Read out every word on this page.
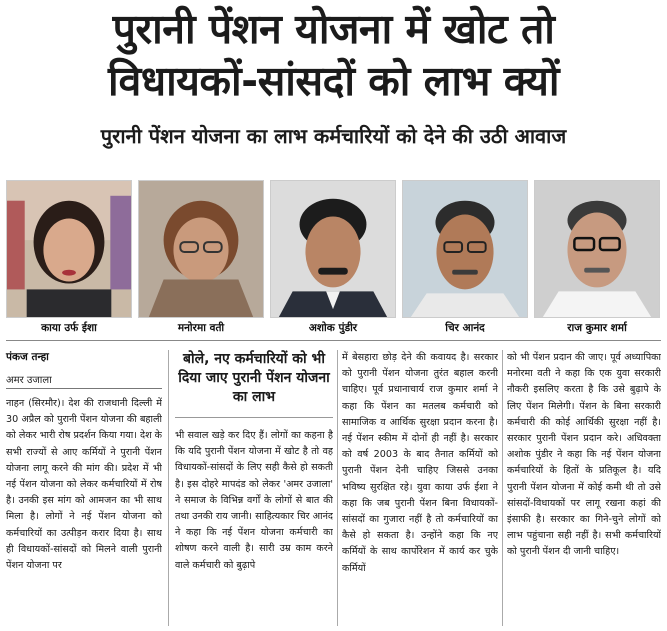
पुरानी पेंशन योजना में खोट तो
विधायकों-सांसदों को लाभ क्यों
पुरानी पेंशन योजना का लाभ कर्मचारियों को देने की उठी आवाज
काया उर्फ ईशा	मनोरमा वती	अशोक पुंडीर	चिर आनंद	राज कुमार शर्मा
पंकज तन्हा
अमर उजाला
बोले, नए कर्मचारियों को भी दिया जाए पुरानी पेंशन योजना का लाभ

नाहन (सिरमौर)। देश की राजधानी दिल्ली में 30 अप्रैल को पुरानी पेंशन योजना की बहाली को लेकर भारी रोष प्रदर्शन किया गया। देश के सभी राज्यों से आए कर्मियों ने पुरानी पेंशन योजना लागू करने की मांग की। प्रदेश में भी नई पेंशन योजना को लेकर कर्मचारियों में रोष है। उनकी इस मांग को आमजन का भी साथ मिला है। लोगों ने नई पेंशन योजना को कर्मचारियों का उत्पीड़न करार दिया है। साथ ही विधायकों-सांसदों को मिलने वाली पुरानी पेंशन योजना पर

भी सवाल खड़े कर दिए हैं। लोगों का कहना है कि यदि पुरानी पेंशन योजना में खोट है तो वह विधायकों-सांसदों के लिए सही कैसे हो सकती है। इस दोहरे मापदंड को लेकर 'अमर उजाला' ने समाज के विभिन्न वर्गों के लोगों से बात की तथा उनकी राय जानी। साहित्यकार चिर आनंद ने कहा कि नई पेंशन योजना कर्मचारी का शोषण करने वाली है। सारी उम्र काम करने वाले कर्मचारी को बुढ़ापे

में बेसहारा छोड़ देने की कवायद है। सरकार को पुरानी पेंशन योजना तुरंत बहाल करनी चाहिए। पूर्व प्रधानाचार्य राज कुमार शर्मा ने कहा कि पेंशन का मतलब कर्मचारी को सामाजिक व आर्थिक सुरक्षा प्रदान करना है। नई पेंशन स्कीम में दोनों ही नहीं है। सरकार को वर्ष 2003 के बाद तैनात कर्मियों को पुरानी पेंशन देनी चाहिए जिससे उनका भविष्य सुरक्षित रहे। युवा काया उर्फ ईशा ने कहा कि जब पुरानी पेंशन बिना विधायकों-सांसदों का गुजारा नहीं है तो कर्मचारियों का कैसे हो सकता है। उन्होंने कहा कि नए कर्मियों के साथ कार्पोरेशन में कार्य कर चुके कर्मियों

को भी पेंशन प्रदान की जाए। पूर्व अध्यापिका मनोरमा वती ने कहा कि एक युवा सरकारी नौकरी इसलिए करता है कि उसे बुढ़ापे के लिए पेंशन मिलेगी। पेंशन के बिना सरकारी कर्मचारी की कोई आर्थिकी सुरक्षा नहीं है। सरकार पुरानी पेंशन प्रदान करे। अधिवक्ता अशोक पुंडीर ने कहा कि नई पेंशन योजना कर्मचारियों के हितों के प्रतिकूल है। यदि पुरानी पेंशन योजना में कोई कमी थी तो उसे सांसदों-विधायकों पर लागू रखना कहां की इंसाफी है। सरकार का गिने-चुने लोगों को लाभ पहुंचाना सही नहीं है। सभी कर्मचारियों को पुरानी पेंशन दी जानी चाहिए।
